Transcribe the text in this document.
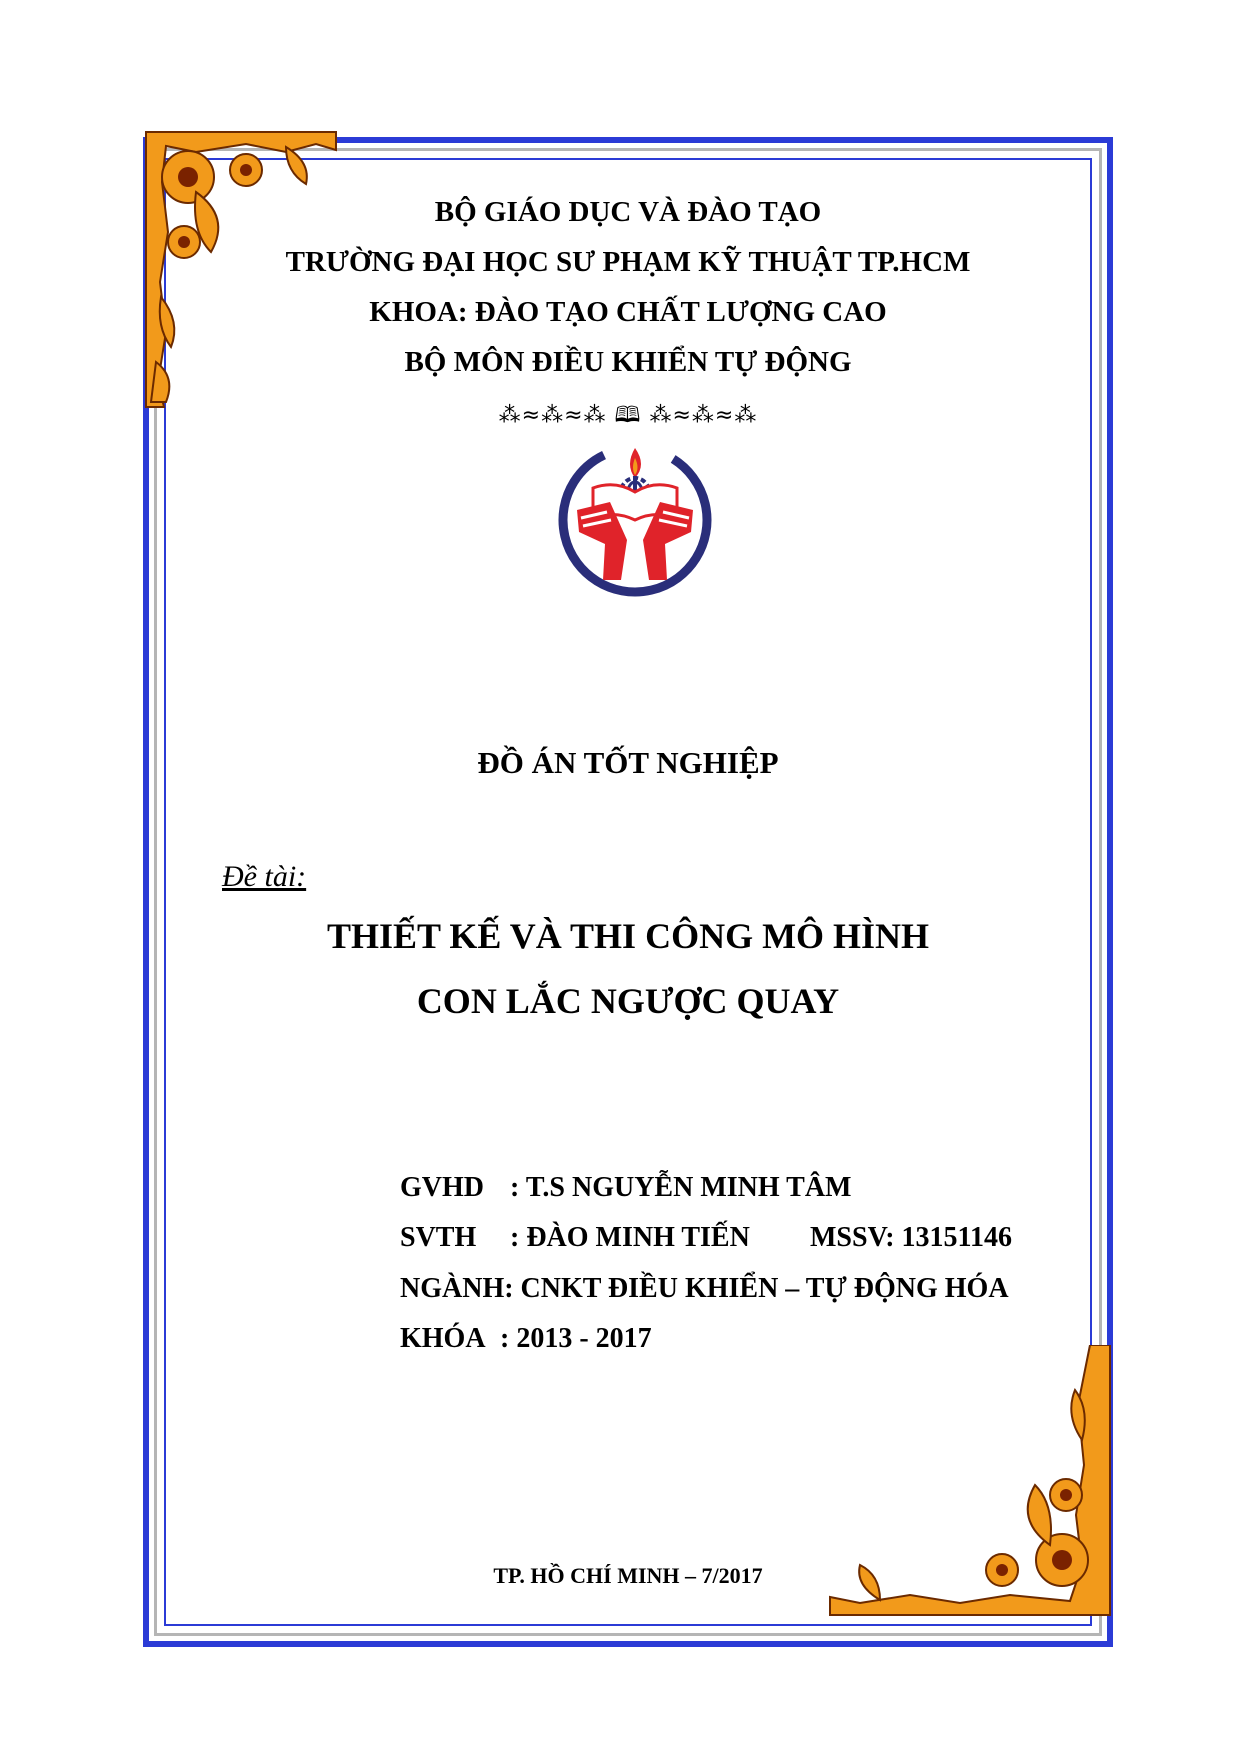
BỘ GIÁO DỤC VÀ ĐÀO TẠO
TRƯỜNG ĐẠI HỌC SƯ PHẠM KỸ THUẬT TP.HCM
KHOA: ĐÀO TẠO CHẤT LƯỢNG CAO
BỘ MÔN ĐIỀU KHIỂN TỰ ĐỘNG
⁂≈⁂≈⁂ 🕮 ⁂≈⁂≈⁂
ĐỒ ÁN TỐT NGHIỆP
Đề tài:
THIẾT KẾ VÀ THI CÔNG MÔ HÌNH
CON LẮC NGƯỢC QUAY
GVHD : T.S NGUYỄN MINH TÂM
SVTH : ĐÀO MINH TIẾN MSSV: 13151146
NGÀNH: CNKT ĐIỀU KHIỂN – TỰ ĐỘNG HÓA
KHÓA : 2013 - 2017
TP. HỒ CHÍ MINH – 7/2017
